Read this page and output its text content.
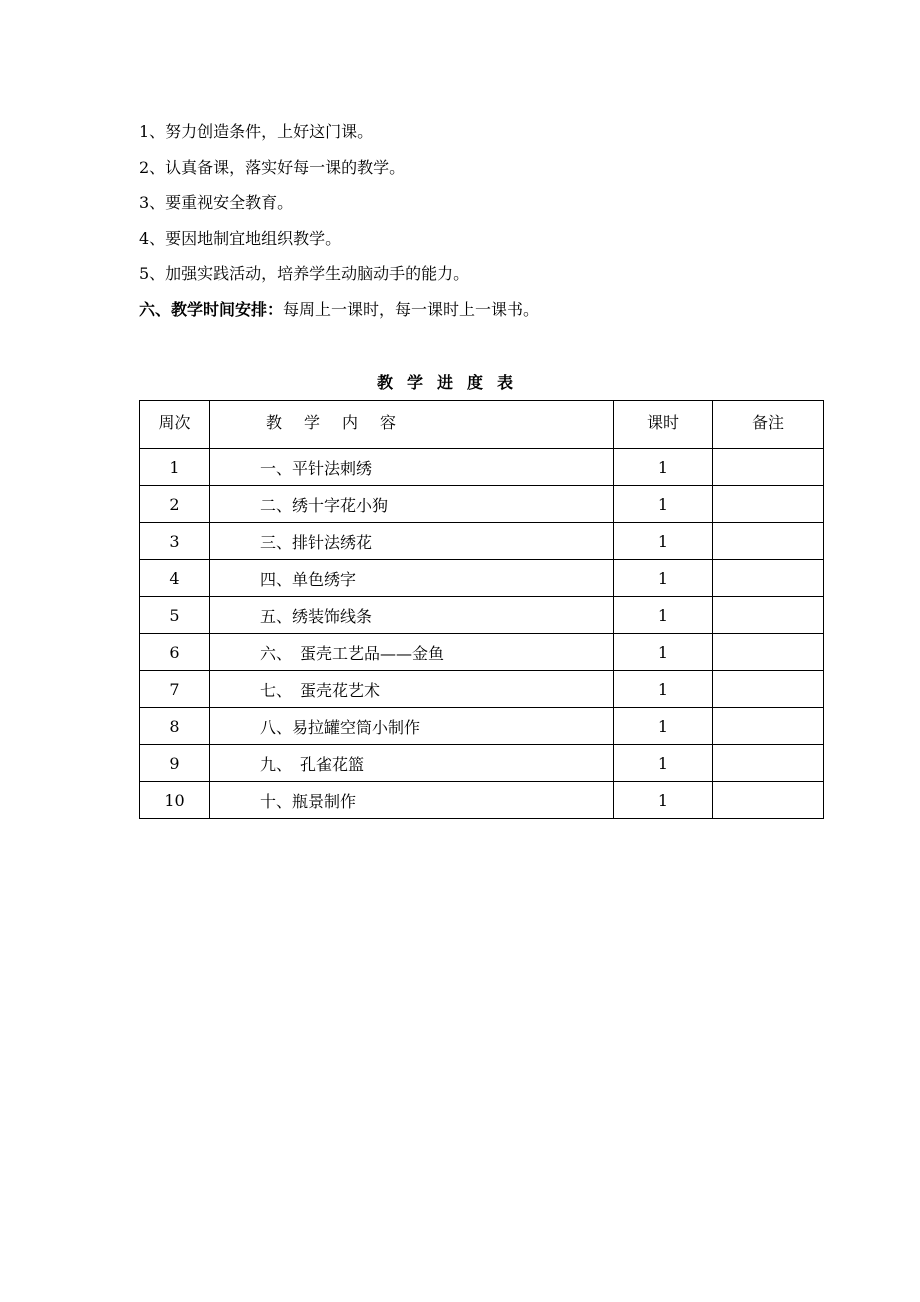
1、努力创造条件，上好这门课。
2、认真备课，落实好每一课的教学。
3、要重视安全教育。
4、要因地制宜地组织教学。
5、加强实践活动，培养学生动脑动手的能力。
六、教学时间安排：每周上一课时，每一课时上一课书。
教学进度表
周次	教学内容	课时	备注
1	一、平针法刺绣	1	
2	二、绣十字花小狗	1	
3	三、排针法绣花	1	
4	四、单色绣字	1	
5	五、绣装饰线条	1	
6	六、　蛋壳工艺品——金鱼	1	
7	七、　蛋壳花艺术	1	
8	八、易拉罐空筒小制作	1	
9	九、　孔雀花篮	1	
10	十、瓶景制作	1	
